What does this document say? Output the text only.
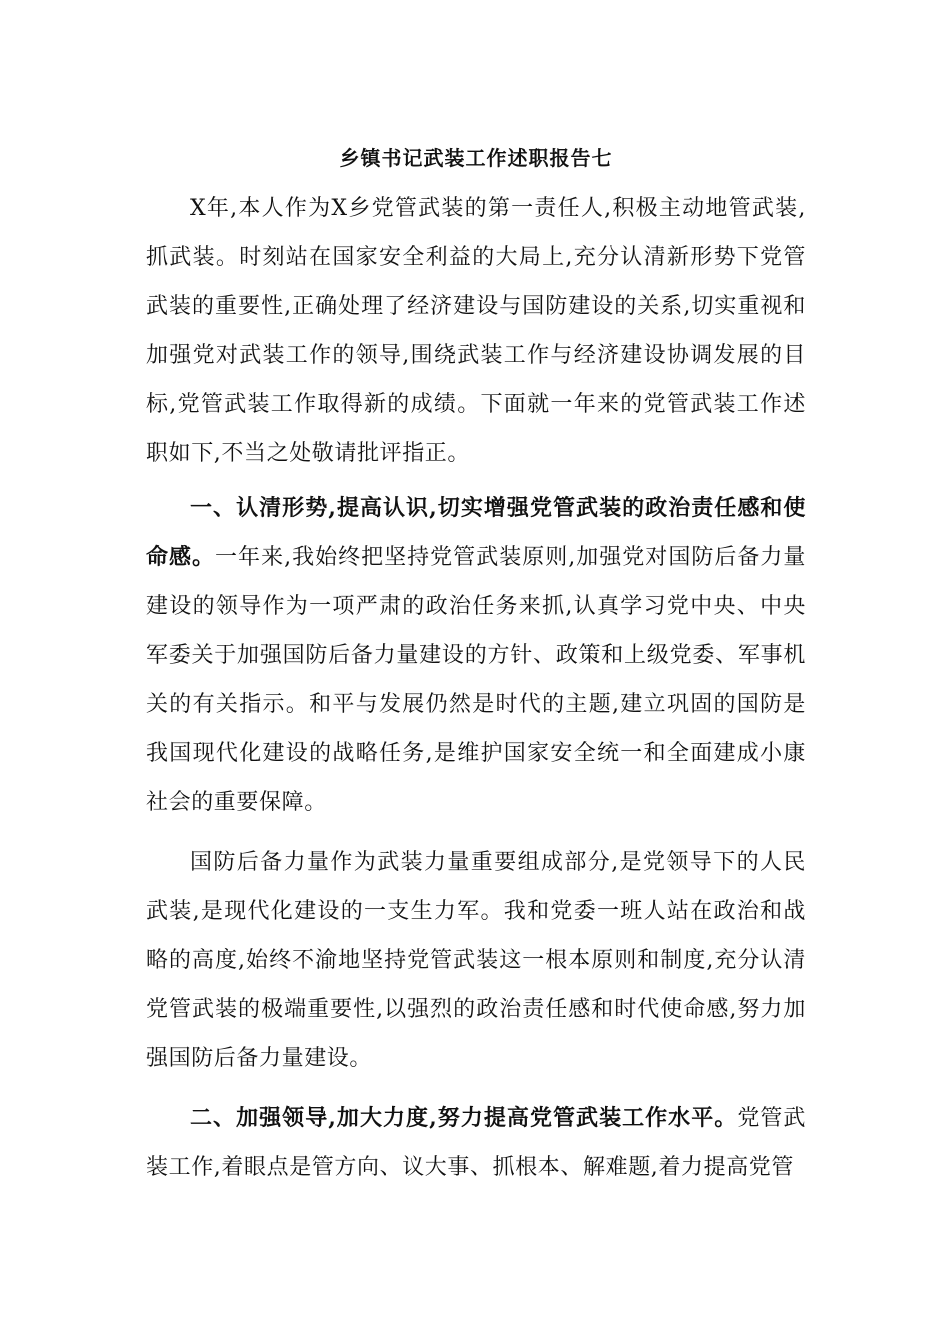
乡镇书记武装工作述职报告七

X年,本人作为X乡党管武装的第一责任人,积极主动地管武装,抓武装。时刻站在国家安全利益的大局上,充分认清新形势下党管武装的重要性,正确处理了经济建设与国防建设的关系,切实重视和加强党对武装工作的领导,围绕武装工作与经济建设协调发展的目标,党管武装工作取得新的成绩。下面就一年来的党管武装工作述职如下,不当之处敬请批评指正。

一、认清形势,提高认识,切实增强党管武装的政治责任感和使命感。一年来,我始终把坚持党管武装原则,加强党对国防后备力量建设的领导作为一项严肃的政治任务来抓,认真学习党中央、中央军委关于加强国防后备力量建设的方针、政策和上级党委、军事机关的有关指示。和平与发展仍然是时代的主题,建立巩固的国防是我国现代化建设的战略任务,是维护国家安全统一和全面建成小康社会的重要保障。

国防后备力量作为武装力量重要组成部分,是党领导下的人民武装,是现代化建设的一支生力军。我和党委一班人站在政治和战略的高度,始终不渝地坚持党管武装这一根本原则和制度,充分认清党管武装的极端重要性,以强烈的政治责任感和时代使命感,努力加强国防后备力量建设。

二、加强领导,加大力度,努力提高党管武装工作水平。党管武装工作,着眼点是管方向、议大事、抓根本、解难题,着力提高党管
